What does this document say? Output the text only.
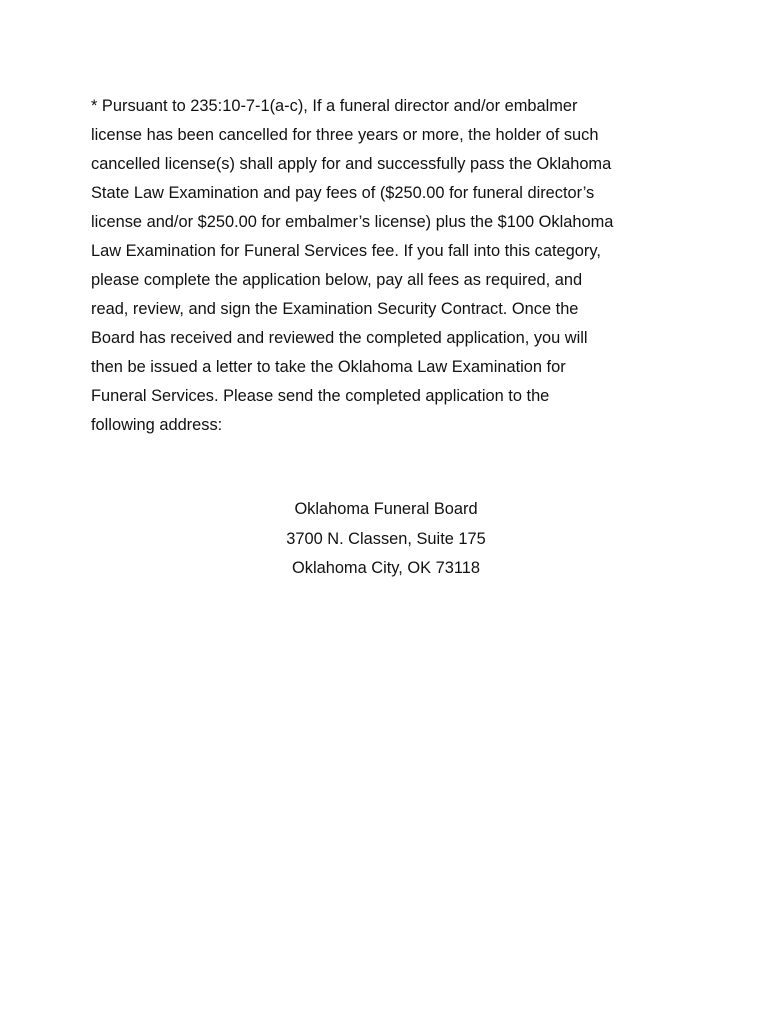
* Pursuant to 235:10-7-1(a-c), If a funeral director and/or embalmer
license has been cancelled for three years or more, the holder of such
cancelled license(s) shall apply for and successfully pass the Oklahoma
State Law Examination and pay fees of ($250.00 for funeral director’s
license and/or $250.00 for embalmer’s license) plus the $100 Oklahoma
Law Examination for Funeral Services fee. If you fall into this category,
please complete the application below, pay all fees as required, and
read, review, and sign the Examination Security Contract. Once the
Board has received and reviewed the completed application, you will
then be issued a letter to take the Oklahoma Law Examination for
Funeral Services. Please send the completed application to the
following address:

Oklahoma Funeral Board
3700 N. Classen, Suite 175
Oklahoma City, OK 73118
